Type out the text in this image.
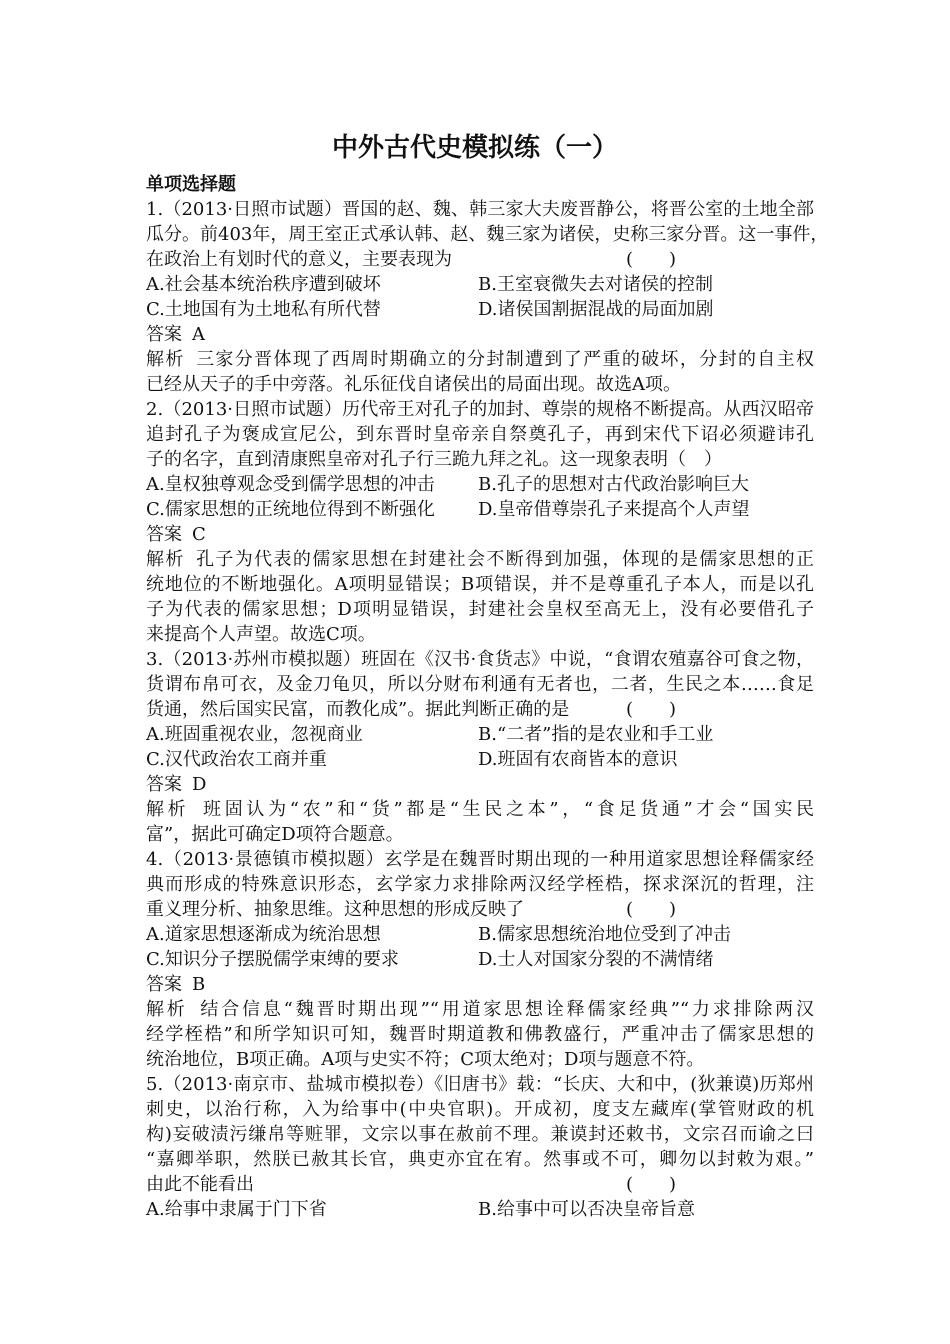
中外古代史模拟练（一）
单项选择题
1.（2013·日照市试题）晋国的赵、魏、韩三家大夫废晋静公，将晋公室的土地全部
瓜分。前403年，周王室正式承认韩、赵、魏三家为诸侯，史称三家分晋。这一事件，
在政治上有划时代的意义，主要表现为	(　　)
A.社会基本统治秩序遭到破坏	B.王室衰微失去对诸侯的控制
C.土地国有为土地私有所代替	D.诸侯国割据混战的局面加剧
答案 A
解析 三家分晋体现了西周时期确立的分封制遭到了严重的破坏，分封的自主权
已经从天子的手中旁落。礼乐征伐自诸侯出的局面出现。故选A项。
2.（2013·日照市试题）历代帝王对孔子的加封、尊崇的规格不断提高。从西汉昭帝
追封孔子为褒成宣尼公，到东晋时皇帝亲自祭奠孔子，再到宋代下诏必须避讳孔
子的名字，直到清康熙皇帝对孔子行三跪九拜之礼。这一现象表明（　）
A.皇权独尊观念受到儒学思想的冲击	B.孔子的思想对古代政治影响巨大
C.儒家思想的正统地位得到不断强化	D.皇帝借尊崇孔子来提高个人声望
答案 C
解析 孔子为代表的儒家思想在封建社会不断得到加强，体现的是儒家思想的正
统地位的不断地强化。A项明显错误；B项错误，并不是尊重孔子本人，而是以孔
子为代表的儒家思想；D项明显错误，封建社会皇权至高无上，没有必要借孔子
来提高个人声望。故选C项。
3.（2013·苏州市模拟题）班固在《汉书·食货志》中说，“食谓农殖嘉谷可食之物，
货谓布帛可衣，及金刀龟贝，所以分财布利通有无者也，二者，生民之本……食足
货通，然后国实民富，而教化成”。据此判断正确的是	(　　)
A.班固重视农业，忽视商业	B.“二者”指的是农业和手工业
C.汉代政治农工商并重	D.班固有农商皆本的意识
答案 D
解析 班固认为“农”和“货”都是“生民之本”，“食足货通”才会“国实民
富”，据此可确定D项符合题意。
4.（2013·景德镇市模拟题）玄学是在魏晋时期出现的一种用道家思想诠释儒家经
典而形成的特殊意识形态，玄学家力求排除两汉经学桎梏，探求深沉的哲理，注
重义理分析、抽象思维。这种思想的形成反映了	(　　)
A.道家思想逐渐成为统治思想	B.儒家思想统治地位受到了冲击
C.知识分子摆脱儒学束缚的要求	D.士人对国家分裂的不满情绪
答案 B
解析 结合信息“魏晋时期出现”“用道家思想诠释儒家经典”“力求排除两汉
经学桎梏”和所学知识可知，魏晋时期道教和佛教盛行，严重冲击了儒家思想的
统治地位，B项正确。A项与史实不符；C项太绝对；D项与题意不符。
5.（2013·南京市、盐城市模拟卷）《旧唐书》载：“长庆、大和中，(狄兼谟)历郑州
刺史，以治行称，入为给事中(中央官职)。开成初，度支左藏库(掌管财政的机
构)妄破渍污缣帛等赃罪，文宗以事在赦前不理。兼谟封还敕书，文宗召而谕之曰
“嘉卿举职，然朕已赦其长官，典吏亦宜在宥。然事或不可，卿勿以封敕为艰。”
由此不能看出	(　　)
A.给事中隶属于门下省	B.给事中可以否决皇帝旨意
